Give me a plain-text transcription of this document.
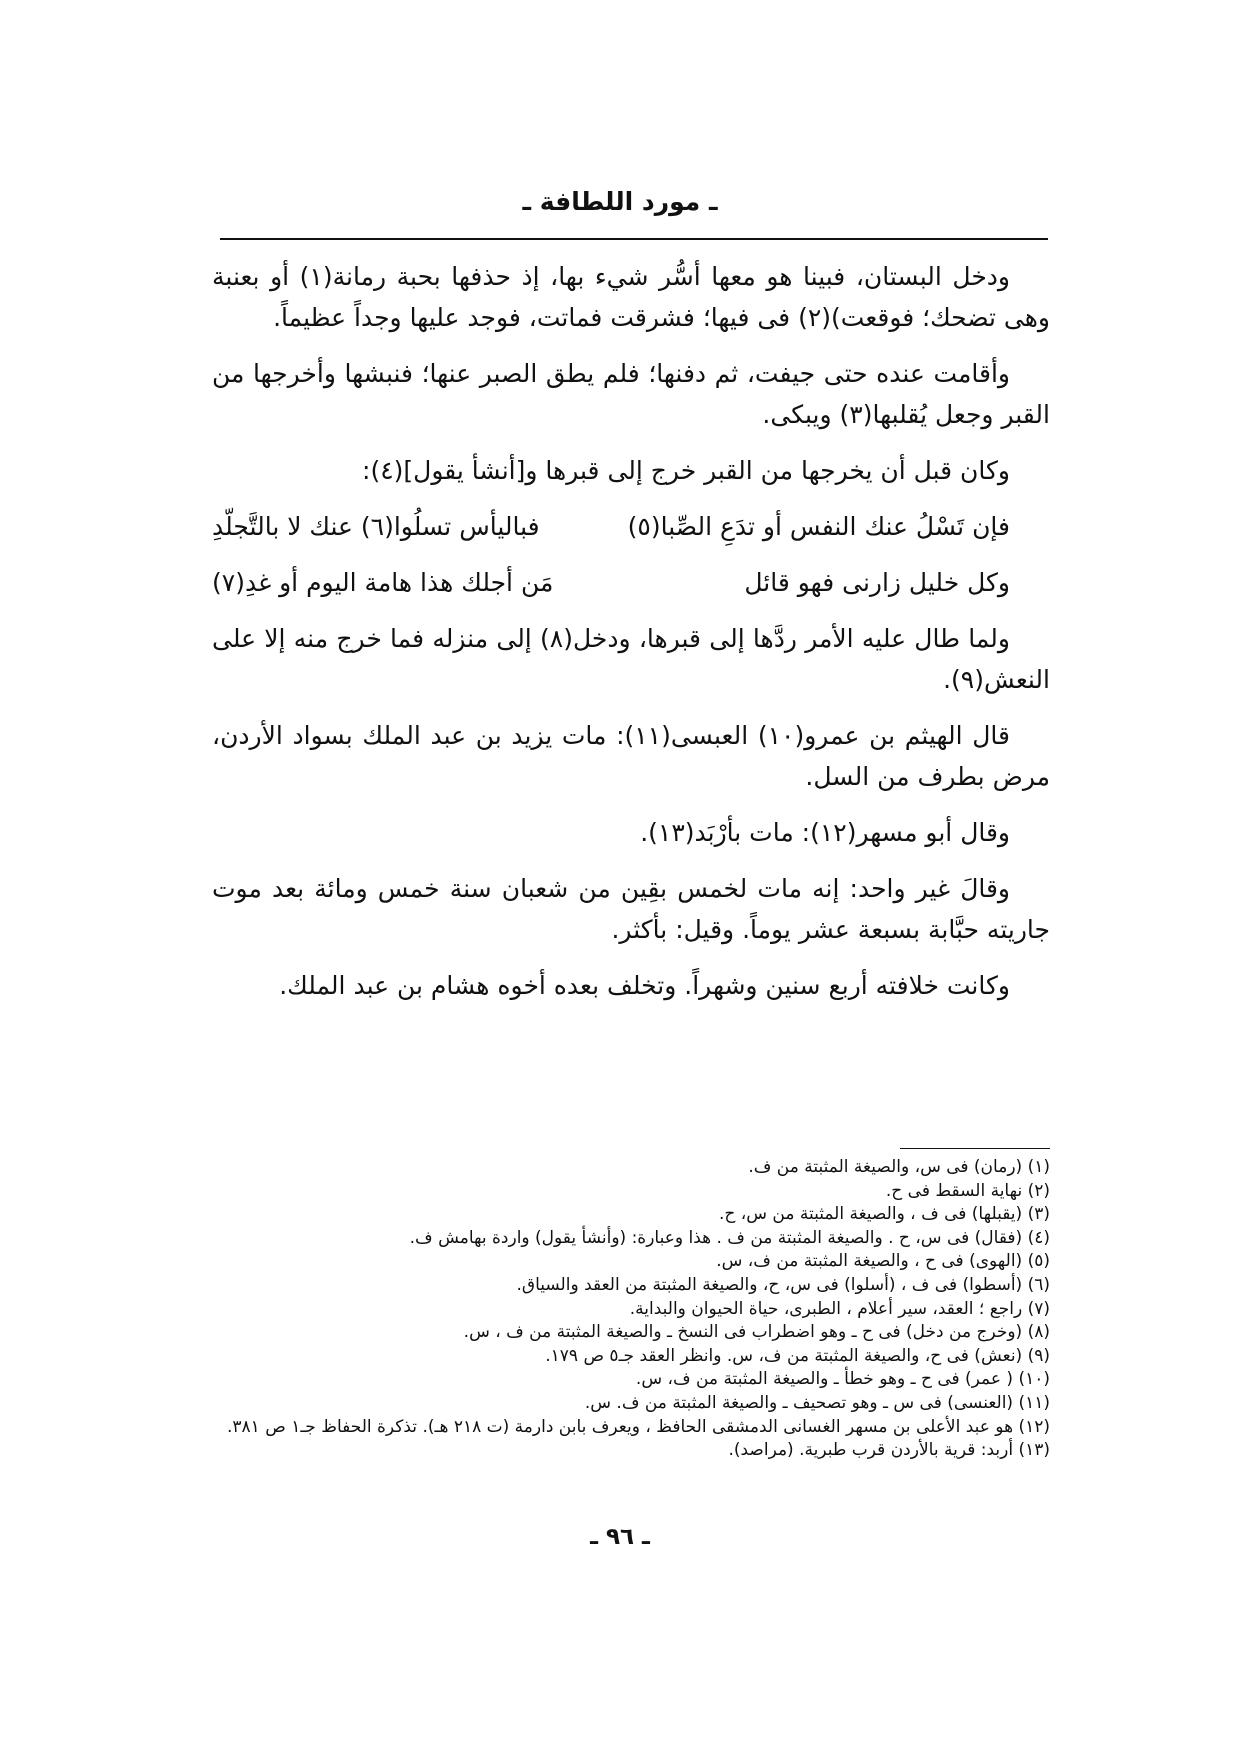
ـ مورد اللطافة ـ

ودخل البستان، فبينا هو معها أسُّر شيء بها، إذ حذفها بحبة رمانة(١) أو بعنبة وهى تضحك؛ فوقعت)(٢) فى فيها؛ فشرقت فماتت، فوجد عليها وجداً عظيماً.

وأقامت عنده حتى جيفت، ثم دفنها؛ فلم يطق الصبر عنها؛ فنبشها وأخرجها من القبر وجعل يُقلبها(٣) ويبكى.

وكان قبل أن يخرجها من القبر خرج إلى قبرها و[أنشأ يقول](٤):

فإن تَسْلُ عنك النفس أو تدَعِ الصِّبا(٥)
فباليأس تسلُوا(٦) عنك لا بالتَّجلّدِ
وكل خليل زارنى فهو قائل
مَن أجلك هذا هامة اليوم أو غدِ(٧)

ولما طال عليه الأمر ردَّها إلى قبرها، ودخل(٨) إلى منزله فما خرج منه إلا على النعش(٩).

قال الهيثم بن عمرو(١٠) العبسى(١١): مات يزيد بن عبد الملك بسواد الأردن، مرض بطرف من السل.

وقال أبو مسهر(١٢): مات بأرْبَد(١٣).

وقالَ غير واحد: إنه مات لخمس بقِين من شعبان سنة خمس ومائة بعد موت جاريته حبَّابة بسبعة عشر يوماً. وقيل: بأكثر.

وكانت خلافته أربع سنين وشهراً. وتخلف بعده أخوه هشام بن عبد الملك.

(١) (رمان) فى س، والصيغة المثبتة من ف.
(٢) نهاية السقط فى ح.
(٣) (يقبلها) فى ف ، والصيغة المثبتة من س، ح.
(٤) (فقال) فى س، ح . والصيغة المثبتة من ف . هذا وعبارة: (وأنشأ يقول) واردة بهامش ف.
(٥) (الهوى) فى ح ، والصيغة المثبتة من ف، س.
(٦) (أسطوا) فى ف ، (أسلوا) فى س، ح، والصيغة المثبتة من العقد والسياق.
(٧) راجع ؛ العقد، سير أعلام ، الطبرى، حياة الحيوان والبداية.
(٨) (وخرج من دخل) فى ح ـ وهو اضطراب فى النسخ ـ والصيغة المثبتة من ف ، س.
(٩) (نعش) فى ح، والصيغة المثبتة من ف، س. وانظر العقد جـ٥ ص ١٧٩.
(١٠) ( عمر) فى ح ـ وهو خطأ ـ والصيغة المثبتة من ف، س.
(١١) (العنسى) فى س ـ وهو تصحيف ـ والصيغة المثبتة من ف. س.
(١٢) هو عبد الأعلى بن مسهر الغسانى الدمشقى الحافظ ، ويعرف بابن دارمة (ت ٢١٨ هـ). تذكرة الحفاظ جـ١ ص ٣٨١.
(١٣) أربد: قرية بالأردن قرب طبرية. (مراصد).
ـ ٩٦ ـ
